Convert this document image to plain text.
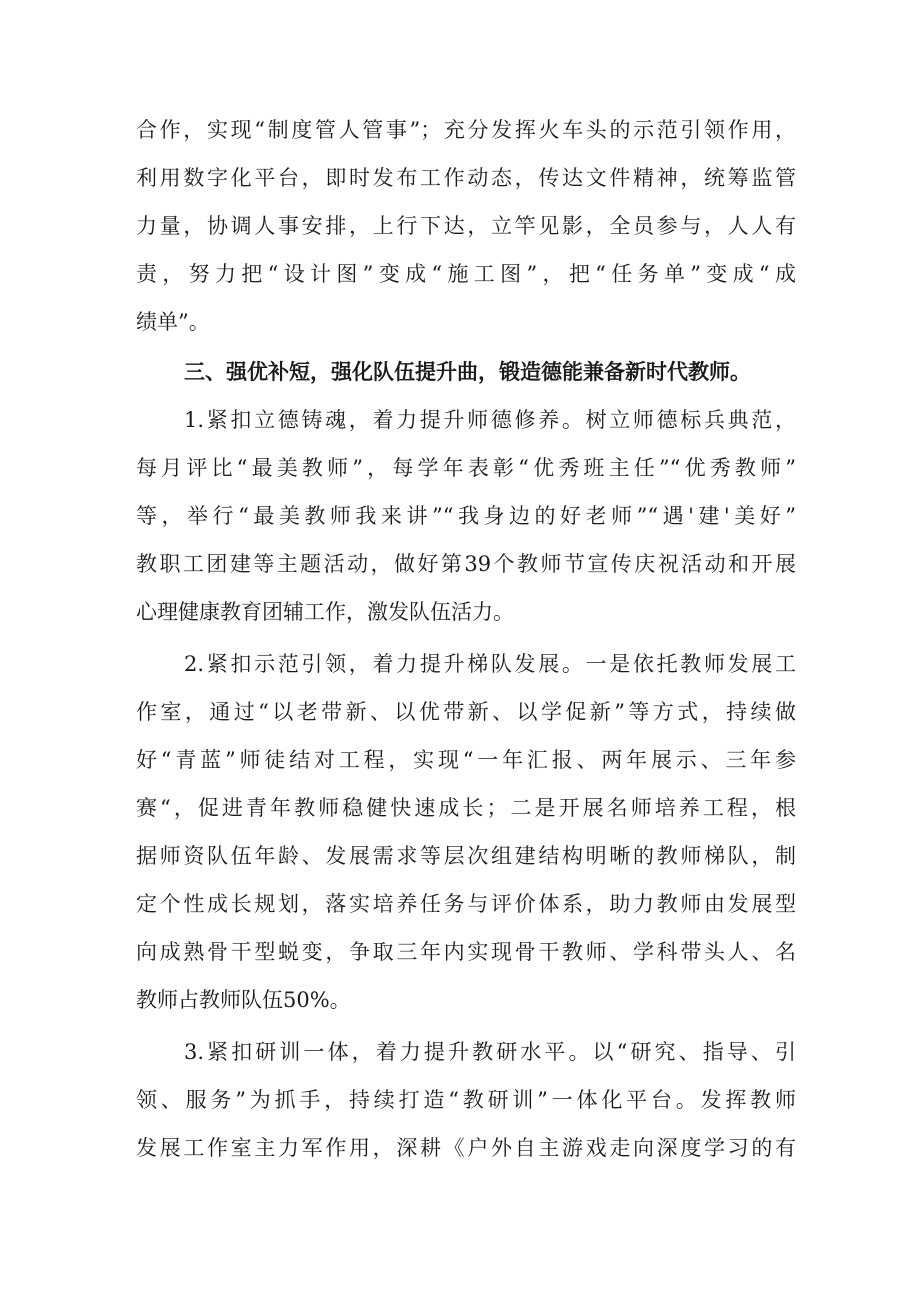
合作，实现“制度管人管事”；充分发挥火车头的示范引领作用，
利用数字化平台，即时发布工作动态，传达文件精神，统筹监管
力量，协调人事安排，上行下达，立竿见影，全员参与，人人有
责，努力把“设计图”变成“施工图”，把“任务单”变成“成
绩单”。
三、强优补短，强化队伍提升曲，锻造德能兼备新时代教师。
1.紧扣立德铸魂，着力提升师德修养。树立师德标兵典范，
每月评比“最美教师”，每学年表彰“优秀班主任”“优秀教师”
等，举行“最美教师我来讲”“我身边的好老师”“遇'建'美好”
教职工团建等主题活动，做好第39个教师节宣传庆祝活动和开展
心理健康教育团辅工作，激发队伍活力。
2.紧扣示范引领，着力提升梯队发展。一是依托教师发展工
作室，通过“以老带新、以优带新、以学促新”等方式，持续做
好“青蓝”师徒结对工程，实现“一年汇报、两年展示、三年参
赛“，促进青年教师稳健快速成长；二是开展名师培养工程，根
据师资队伍年龄、发展需求等层次组建结构明晰的教师梯队，制
定个性成长规划，落实培养任务与评价体系，助力教师由发展型
向成熟骨干型蜕变，争取三年内实现骨干教师、学科带头人、名
教师占教师队伍50%。
3.紧扣研训一体，着力提升教研水平。以“研究、指导、引
领、服务”为抓手，持续打造“教研训”一体化平台。发挥教师
发展工作室主力军作用，深耕《户外自主游戏走向深度学习的有
